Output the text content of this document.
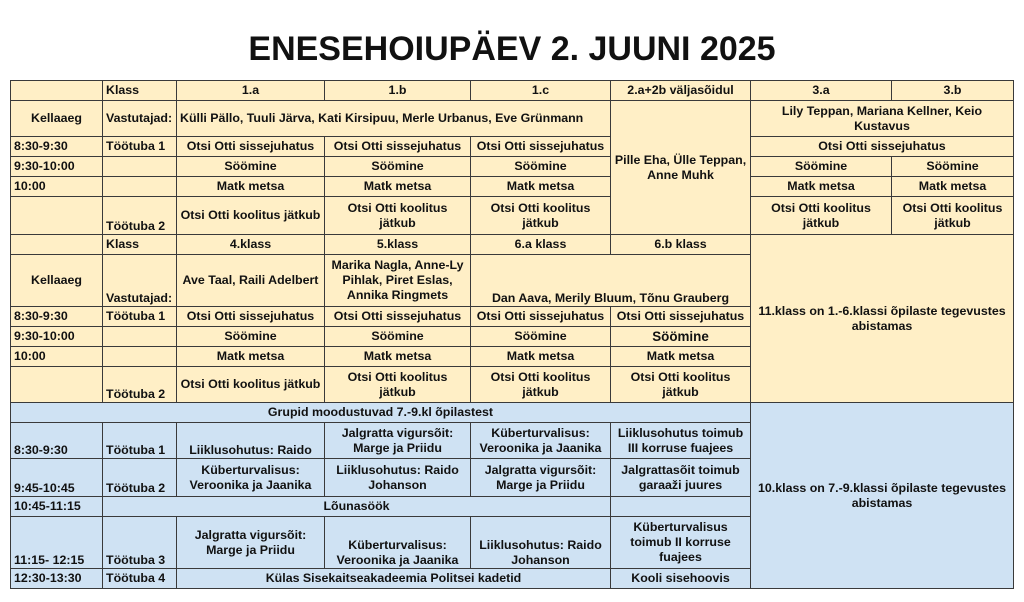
ENESEHOIUPÄEV 2. JUUNI 2025
	Klass	1.a	1.b	1.c	2.a+2b väljasõidul	3.a	3.b
Kellaaeg	Vastutajad:	Külli Pällo, Tuuli Järva, Kati Kirsipuu, Merle Urbanus, Eve Grünmann			Pille Eha, Ülle Teppan, Anne Muhk	Lily Teppan, Mariana Kellner, Keio Kustavus	
8:30-9:30	Töötuba 1	Otsi Otti sissejuhatus	Otsi Otti sissejuhatus	Otsi Otti sissejuhatus		Otsi Otti sissejuhatus	
9:30-10:00		Söömine	Söömine	Söömine		Söömine	Söömine
10:00		Matk metsa	Matk metsa	Matk metsa		Matk metsa	Matk metsa
	Töötuba 2	Otsi Otti koolitus jätkub	Otsi Otti koolitus jätkub	Otsi Otti koolitus jätkub		Otsi Otti koolitus jätkub	Otsi Otti koolitus jätkub
	Klass	4.klass	5.klass	6.a klass	6.b klass	11.klass on 1.-6.klassi õpilaste tegevustes abistamas	
Kellaaeg	Vastutajad:	Ave Taal, Raili Adelbert	Marika Nagla, Anne-Ly Pihlak, Piret Eslas, Annika Ringmets	Dan Aava, Merily Bluum, Tõnu Grauberg			
8:30-9:30	Töötuba 1	Otsi Otti sissejuhatus	Otsi Otti sissejuhatus	Otsi Otti sissejuhatus	Otsi Otti sissejuhatus		
9:30-10:00		Söömine	Söömine	Söömine	Söömine		
10:00		Matk metsa	Matk metsa	Matk metsa	Matk metsa		
	Töötuba 2	Otsi Otti koolitus jätkub	Otsi Otti koolitus jätkub	Otsi Otti koolitus jätkub	Otsi Otti koolitus jätkub		
Grupid moodustuvad 7.-9.kl õpilastest						10.klass on 7.-9.klassi õpilaste tegevustes abistamas	
8:30-9:30	Töötuba 1	Liiklusohutus: Raido	Jalgratta vigursõit: Marge ja Priidu	Küberturvalisus: Veroonika ja Jaanika	Liiklusohutus toimub III korruse fuajees		
9:45-10:45	Töötuba 2	Küberturvalisus: Veroonika ja Jaanika	Liiklusohutus: Raido Johanson	Jalgratta vigursõit: Marge ja Priidu	Jalgrattasõit toimub garaaži juures		
10:45-11:15	Lõunasöök						
11:15- 12:15	Töötuba 3	Jalgratta vigursõit: Marge ja Priidu	Küberturvalisus: Veroonika ja Jaanika	Liiklusohutus: Raido Johanson	Küberturvalisus toimub II korruse fuajees		
12:30-13:30	Töötuba 4	Külas Sisekaitseakadeemia Politsei kadetid			Kooli sisehoovis		
